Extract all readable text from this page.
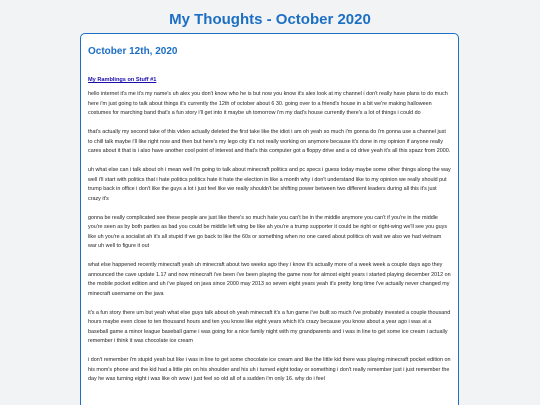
My Thoughts - October 2020
October 12th, 2020
My Ramblings on Stuff #1

hello internet it's me it's my name's uh alex you don't know who he is but now you know it's alex look at my channel i don't really have plans to do much here i'm just going to talk about things it's currently the 12th of october about 6 30. going over to a friend's house in a bit we're making halloween costumes for marching band that's a fun story i'll get into it maybe uh tomorrow i'm my dad's house currently there's a lot of things i could do

that's actually my second take of this video actually deleted the first take like the idiot i am oh yeah so much i'm gonna do i'm gonna use a channel just to chill talk maybe i'll like right now and then but here's my lego city it's not really working on anymore because it's done in my opinion if anyone really cares about it that is i also have another cool point of interest and that's this computer got a floppy drive and a cd drive yeah it's all this spazz from 2000.

uh what else can i talk about oh i mean well i'm going to talk about minecraft politics and pc specs i guess today maybe some other things along the way well i'll start with politics that i hate politics politics hate it hate the election in like a month why i don't understand like to my opinion we really should put trump back in office i don't like the guys a lot i just feel like we really shouldn't be shifting power between two different leaders during all this it's just crazy it's

gonna be really complicated see these people are just like there's so much hate you can't be in the middle anymore you can't if you're in the middle you're seen as by both parties as bad you could be middle left wing be like ah you're a trump supporter it could be right or right-wing we'll see you guys like uh you're a socialist ah it's all stupid if we go back to like the 60s or something when no one cared about politics oh wait we also we had vietnam war uh well to figure it out

what else happened recently minecraft yeah uh minecraft about two weeks ago they i know it's actually more of a week week a couple days ago they announced the cave update 1.17 and now minecraft i've been i've been playing the game now for almost eight years i started playing december 2012 on the mobile pocket edition and uh i've played on java since 2000 may 2013 so seven eight years yeah it's pretty long time i've actually never changed my minecraft username on the java

it's a fun story there um but yeah what else guys talk about oh yeah minecraft it's a fun game i've built so much i've probably invested a couple thousand hours maybe even close to ten thousand hours and ten you know like eight years which it's crazy because you know about a year ago i was at a baseball game a minor league baseball game i was going for a nice family night with my grandparents and i was in line to get some ice cream i actually remember i think it was chocolate ice cream

i don't remember i'm stupid yeah but like i was in line to get some chocolate ice cream and like the little kid there was playing minecraft pocket edition on his mom's phone and the kid had a little pin on his shoulder and his uh i turned eight today or something i don't really remember just i just remember the day he was turning eight i was like oh wow i just feel so old all of a sudden i'm only 16. why do i feel
